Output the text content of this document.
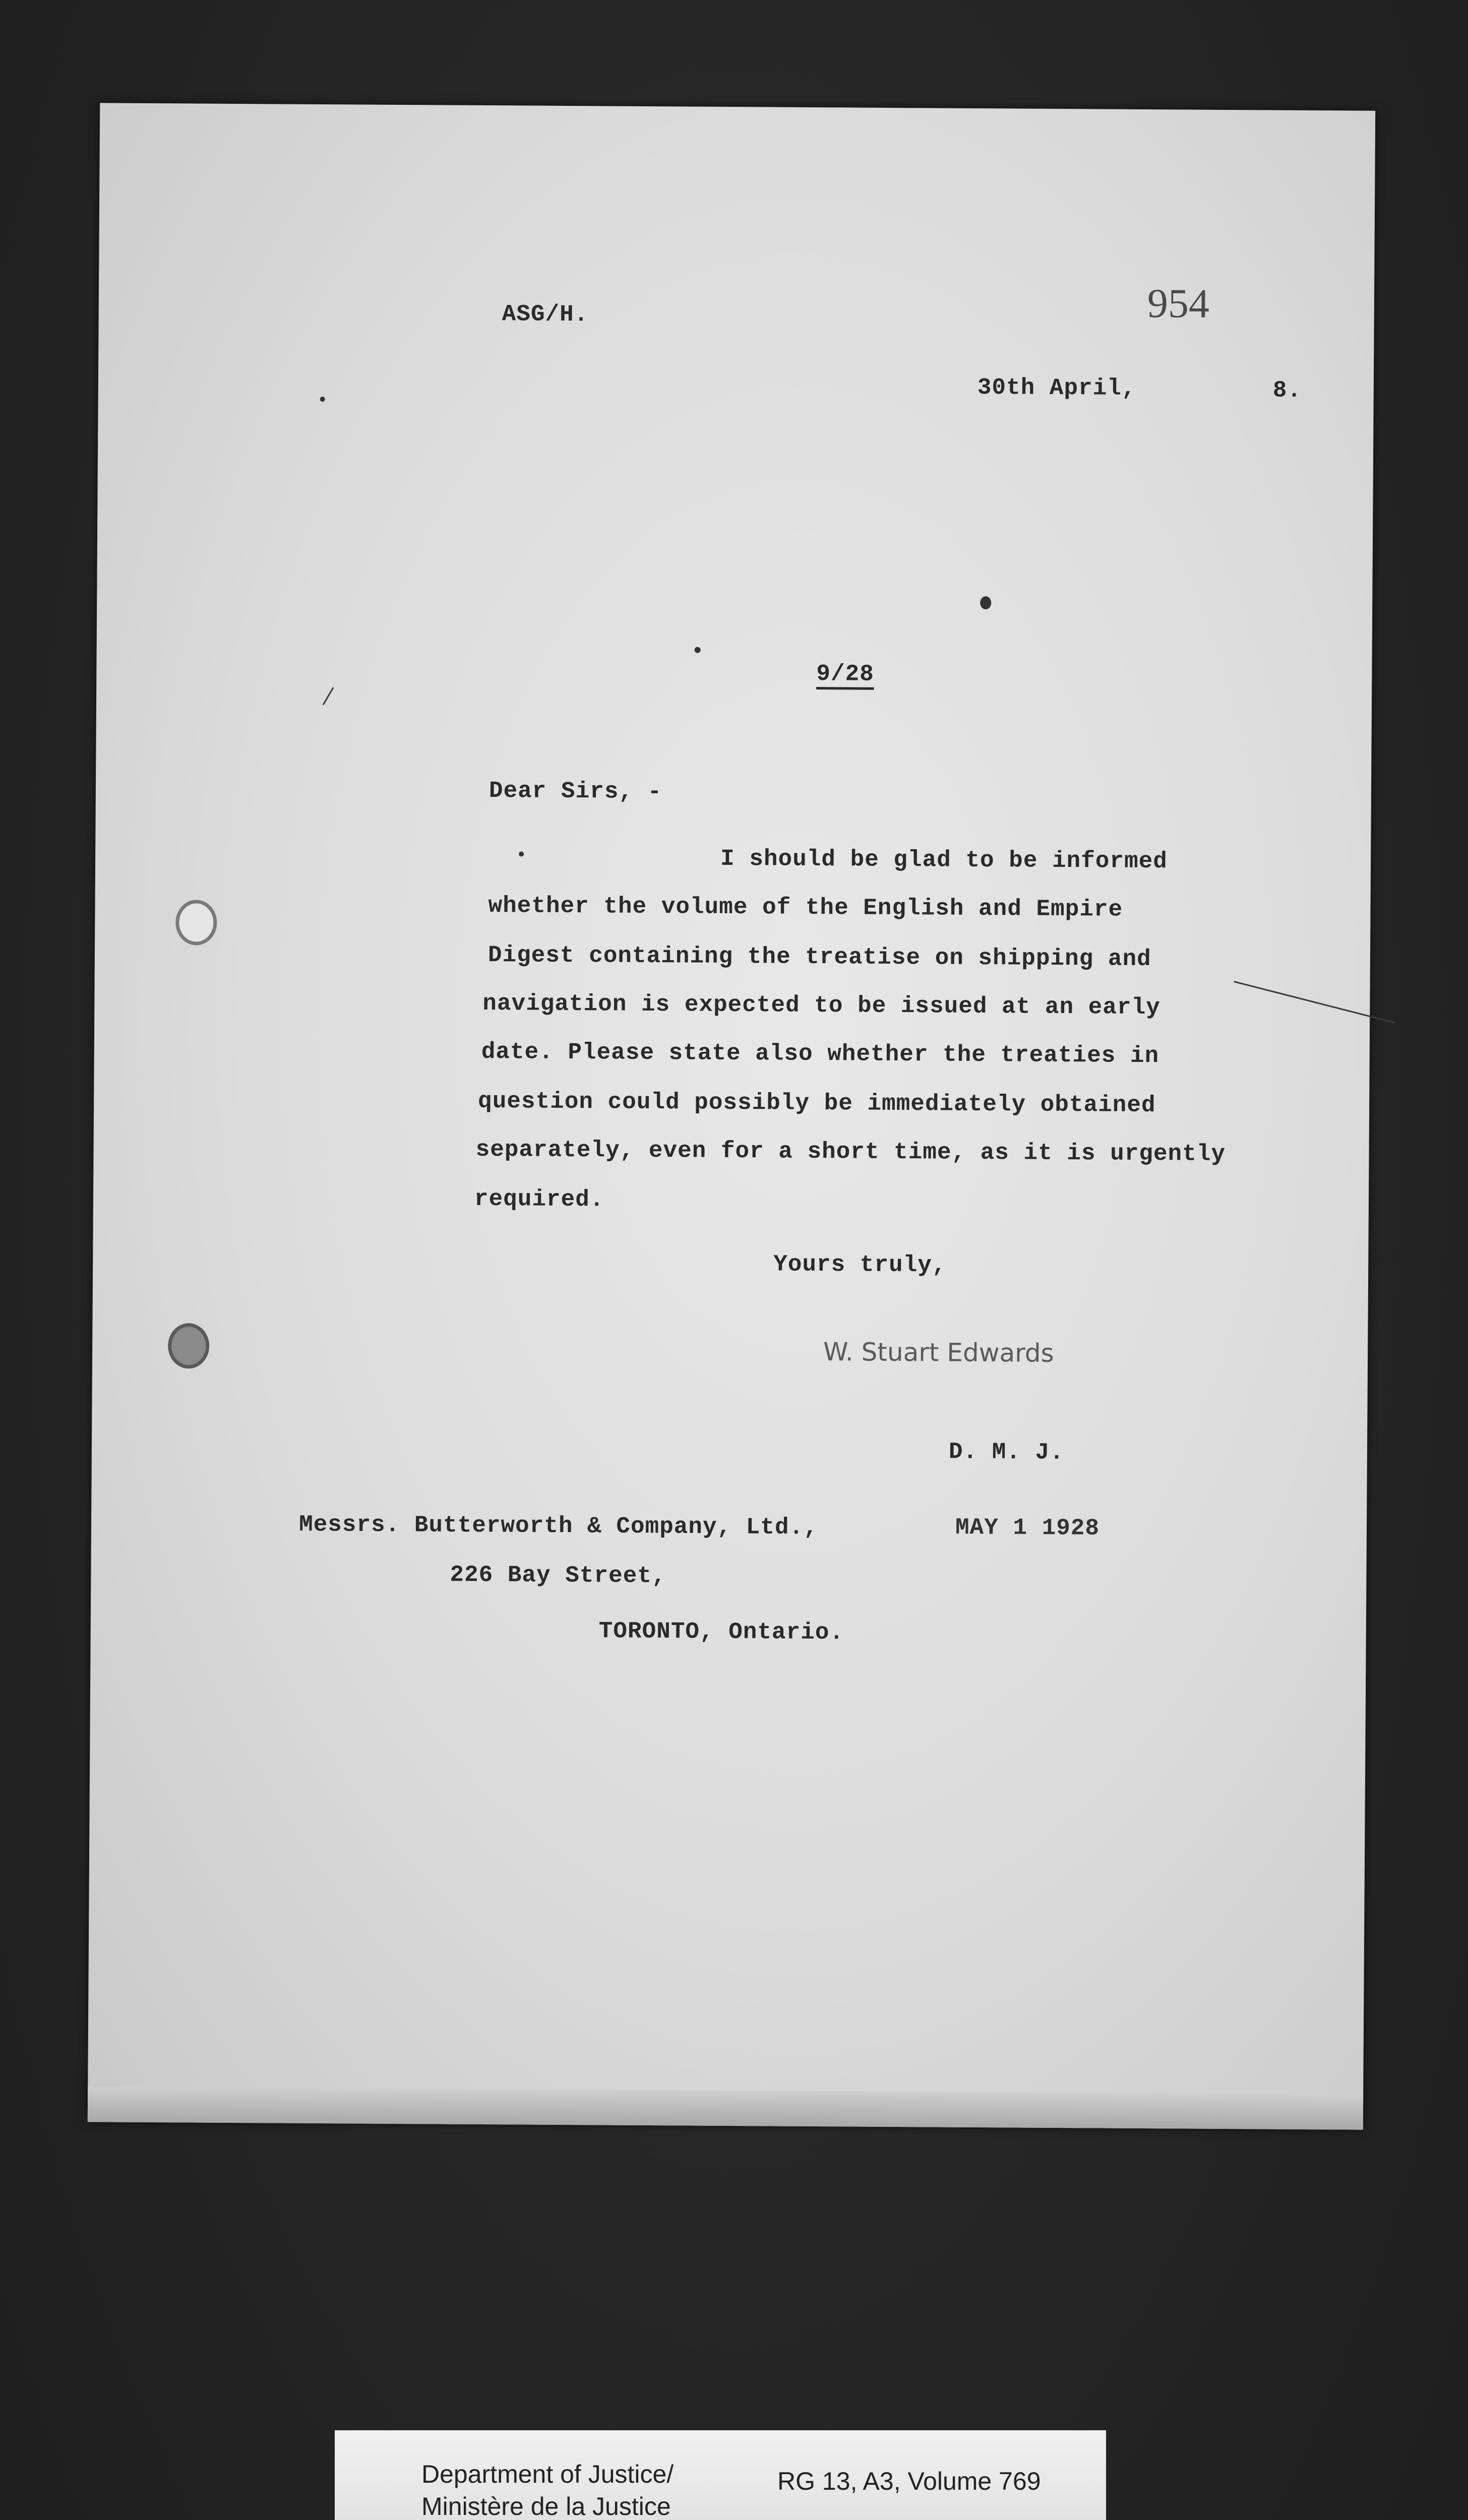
954
ASG/H.
30th April,	8.
9/28
Dear Sirs, -
I should be glad to be informed
whether the volume of the English and Empire
Digest containing the treatise on shipping and
navigation is expected to be issued at an early
date. Please state also whether the treaties in
question could possibly be immediately obtained
separately, even for a short time, as it is urgently
required.
Yours truly,
W. Stuart Edwards
D. M. J.
Messrs. Butterworth & Company, Ltd.,	MAY 1 1928
226 Bay Street,
TORONTO, Ontario.
Department of Justice/
Ministère de la Justice
RG 13, A3, Volume 769
